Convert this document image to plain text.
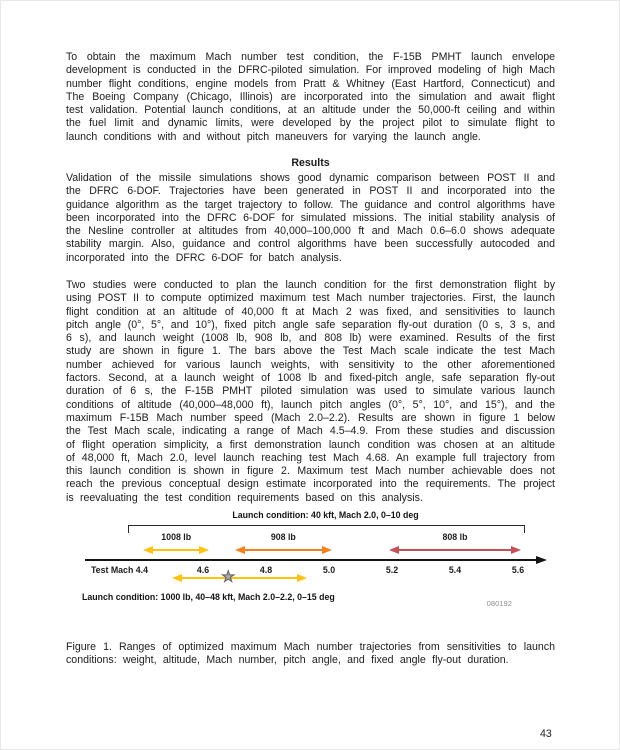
To obtain the maximum Mach number test condition, the F-15B PMHT launch envelope development is conducted in the DFRC-piloted simulation. For improved modeling of high Mach number flight conditions, engine models from Pratt & Whitney (East Hartford, Connecticut) and The Boeing Company (Chicago, Illinois) are incorporated into the simulation and await flight test validation. Potential launch conditions, at an altitude under the 50,000-ft ceiling and within the fuel limit and dynamic limits, were developed by the project pilot to simulate flight to launch conditions with and without pitch maneuvers for varying the launch angle.

Results

Validation of the missile simulations shows good dynamic comparison between POST II and the DFRC 6-DOF. Trajectories have been generated in POST II and incorporated into the guidance algorithm as the target trajectory to follow. The guidance and control algorithms have been incorporated into the DFRC 6-DOF for simulated missions. The initial stability analysis of the Nesline controller at altitudes from 40,000–100,000 ft and Mach 0.6–6.0 shows adequate stability margin. Also, guidance and control algorithms have been successfully autocoded and incorporated into the DFRC 6-DOF for batch analysis.

Two studies were conducted to plan the launch condition for the first demonstration flight by using POST II to compute optimized maximum test Mach number trajectories. First, the launch flight condition at an altitude of 40,000 ft at Mach 2 was fixed, and sensitivities to launch pitch angle (0°, 5°, and 10°), fixed pitch angle safe separation fly-out duration (0 s, 3 s, and 6 s), and launch weight (1008 lb, 908 lb, and 808 lb) were examined. Results of the first study are shown in figure 1. The bars above the Test Mach scale indicate the test Mach number achieved for various launch weights, with sensitivity to the other aforementioned factors. Second, at a launch weight of 1008 lb and fixed-pitch angle, safe separation fly-out duration of 6 s, the F-15B PMHT piloted simulation was used to simulate various launch conditions of altitude (40,000–48,000 ft), launch pitch angles (0°, 5°, 10°, and 15°), and the maximum F-15B Mach number speed (Mach 2.0–2.2). Results are shown in figure 1 below the Test Mach scale, indicating a range of Mach 4.5–4.9. From these studies and discussion of flight operation simplicity, a first demonstration launch condition was chosen at an altitude of 48,000 ft, Mach 2.0, level launch reaching test Mach 4.68. An example full trajectory from this launch condition is shown in figure 2. Maximum test Mach number achievable does not reach the previous conceptual design estimate incorporated into the requirements. The project is reevaluating the test condition requirements based on this analysis.

Launch condition: 40 kft, Mach 2.0, 0–10 deg
Test Mach 4.4	4.6	4.8	5.0	5.2	5.4	5.6
1008 lb	908 lb	808 lb
★
Launch condition: 1000 lb, 40–48 kft, Mach 2.0–2.2, 0–15 deg
080192

Figure 1. Ranges of optimized maximum Mach number trajectories from sensitivities to launch conditions: weight, altitude, Mach number, pitch angle, and fixed angle fly-out duration.

43
